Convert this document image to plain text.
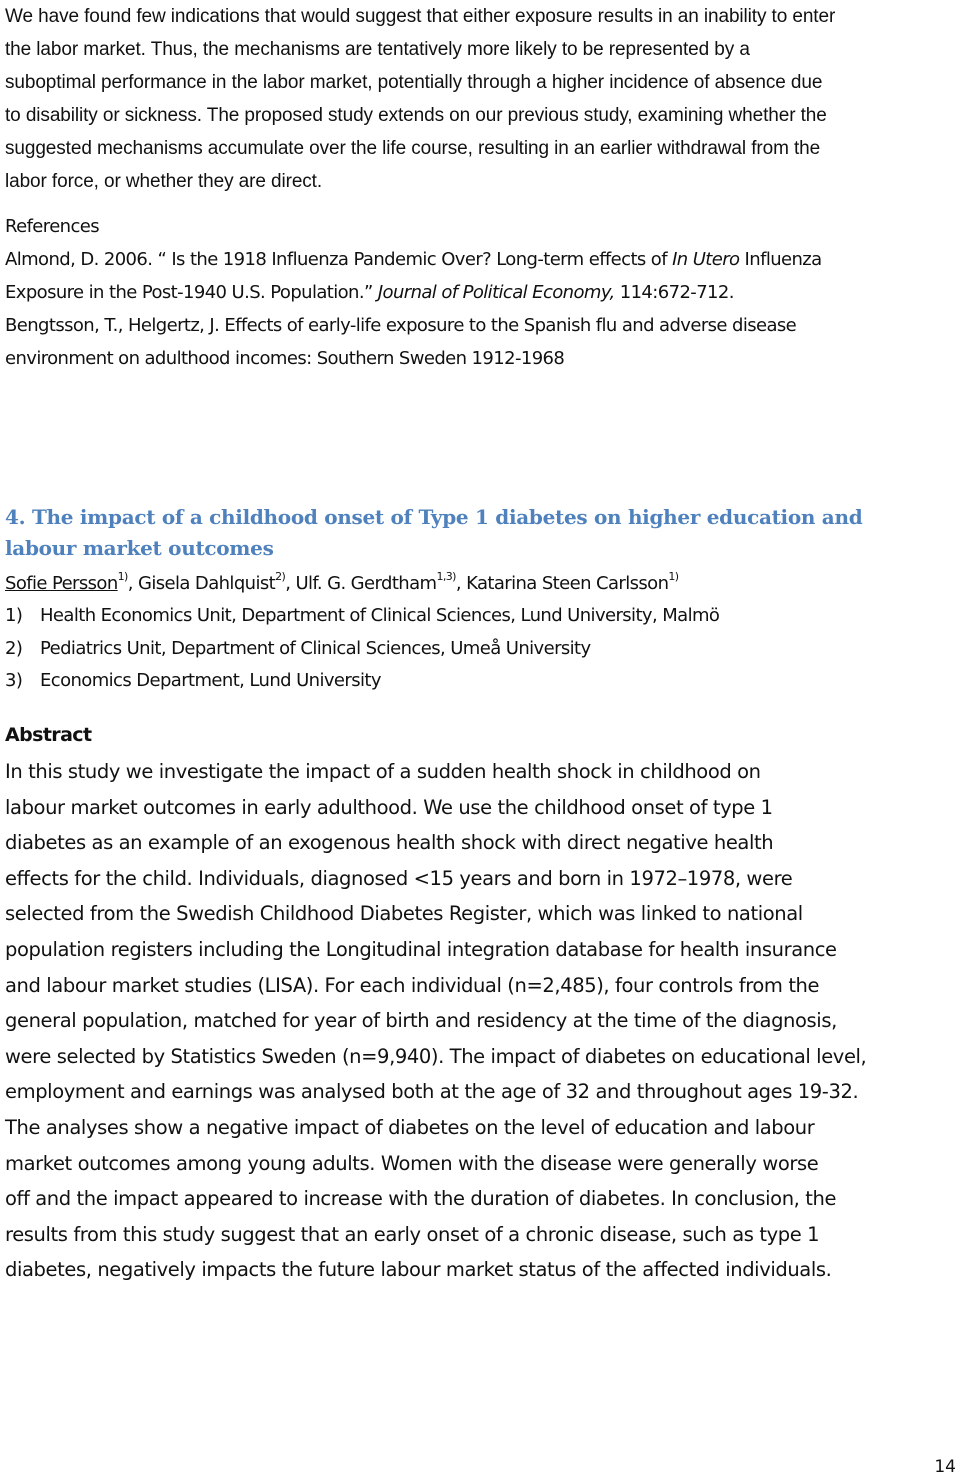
We have found few indications that would suggest that either exposure results in an inability to enter
the labor market. Thus, the mechanisms are tentatively more likely to be represented by a
suboptimal performance in the labor market, potentially through a higher incidence of absence due
to disability or sickness. The proposed study extends on our previous study, examining whether the
suggested mechanisms accumulate over the life course, resulting in an earlier withdrawal from the
labor force, or whether they are direct.
References
Almond, D. 2006. “ Is the 1918 Influenza Pandemic Over? Long-term effects of In Utero Influenza
Exposure in the Post-1940 U.S. Population.” Journal of Political Economy, 114:672-712.
Bengtsson, T., Helgertz, J. Effects of early-life exposure to the Spanish flu and adverse disease
environment on adulthood incomes: Southern Sweden 1912-1968
4. The impact of a childhood onset of Type 1 diabetes on higher education and
labour market outcomes
Sofie Persson$^{1)}$, Gisela Dahlquist$^{2)}$, Ulf. G. Gerdtham$^{1,3)}$, Katarina Steen Carlsson$^{1)}$
1) Health Economics Unit, Department of Clinical Sciences, Lund University, Malmö
2) Pediatrics Unit, Department of Clinical Sciences, Umeå University
3) Economics Department, Lund University
Abstract
In this study we investigate the impact of a sudden health shock in childhood on
labour market outcomes in early adulthood. We use the childhood onset of type 1
diabetes as an example of an exogenous health shock with direct negative health
effects for the child. Individuals, diagnosed <15 years and born in 1972–1978, were
selected from the Swedish Childhood Diabetes Register, which was linked to national
population registers including the Longitudinal integration database for health insurance
and labour market studies (LISA). For each individual (n=2,485), four controls from the
general population, matched for year of birth and residency at the time of the diagnosis,
were selected by Statistics Sweden (n=9,940). The impact of diabetes on educational level,
employment and earnings was analysed both at the age of 32 and throughout ages 19-32.
The analyses show a negative impact of diabetes on the level of education and labour
market outcomes among young adults. Women with the disease were generally worse
off and the impact appeared to increase with the duration of diabetes. In conclusion, the
results from this study suggest that an early onset of a chronic disease, such as type 1
diabetes, negatively impacts the future labour market status of the affected individuals.
14
